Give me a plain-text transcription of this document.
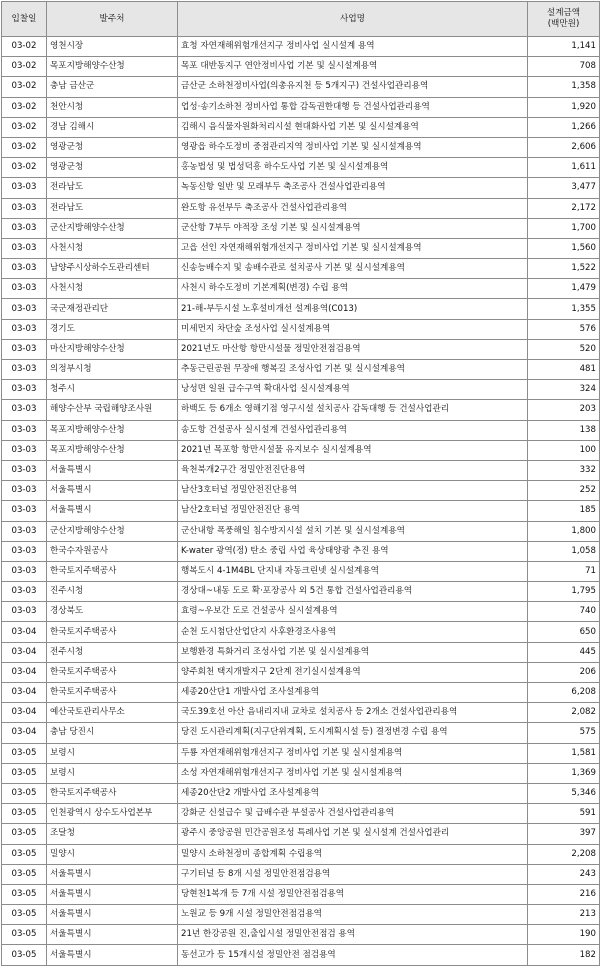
입찰일	발주처	사업명	설계금액
(백만원)
03-02	영천시장	효청 자연재해위험개선지구 정비사업 실시설계 용역	1,141
03-02	목포지방해양수산청	목포 대반동지구 연안정비사업 기본 및 실시설계용역	708
03-02	충남 금산군	금산군 소하천정비사업(의총유지천 등 5개지구) 건설사업관리용역	1,358
03-02	천안시청	업성·송기소하천 정비사업 통합 감독권한대행 등 건설사업관리용역	1,920
03-02	경남 김해시	김해시 음식물자원화처리시설 현대화사업 기본 및 실시설계용역	1,266
03-02	영광군청	영광읍 하수도정비 중점관리지역 정비사업 기본 및 실시설계용역	2,606
03-02	영광군청	홍농법성 및 법성덕흥 하수도사업 기본 및 실시설계용역	1,611
03-03	전라남도	녹동신항 일반 및 모래부두 축조공사 건설사업관리용역	3,477
03-03	전라남도	완도항 유선부두 축조공사 건설사업관리용역	2,172
03-03	군산지방해양수산청	군산항 7부두 야적장 조성 기본 및 실시설계용역	1,700
03-03	사천시청	고읍 선인 자연재해위험개선지구 정비사업 기본 및 실시설계용역	1,560
03-03	남양주시상하수도관리센터	신송능배수지 및 송배수관로 설치공사 기본 및 실시설계용역	1,522
03-03	사천시청	사천시 하수도정비 기본계획(변경) 수립 용역	1,479
03-03	국군재정관리단	21-해-부두시설 노후설비개선 설계용역(C013)	1,355
03-03	경기도	미세먼지 차단숲 조성사업 실시설계용역	576
03-03	마산지방해양수산청	2021년도 마산항 항만시설물 정밀안전점검용역	520
03-03	의정부시청	추동근린공원 무장애 행복길 조성사업 기본 및 실시설계용역	481
03-03	청주시	낭성면 일원 급수구역 확대사업 실시설계용역	324
03-03	해양수산부 국립해양조사원	하백도 등 6개소 영해기점 영구시설 설치공사 감독대행 등 건설사업관리	203
03-03	목포지방해양수산청	송도항 건설공사 실시설계 건설사업관리용역	138
03-03	목포지방해양수산청	2021년 목포항 항만시설물 유지보수 실시설계용역	100
03-03	서울특별시	육천북개2구간 정밀안전진단용역	332
03-03	서울특별시	남산3호터널 정밀안전진단용역	252
03-03	서울특별시	남산2호터널 정밀안전진단 용역	185
03-03	군산지방해양수산청	군산내항 폭풍해일 침수방지시설 설치 기본 및 실시설계용역	1,800
03-03	한국수자원공사	K-water 광역(정) 탄소 중립 사업 육상태양광 추진 용역	1,058
03-03	한국토지주택공사	행복도시 4-1M4BL 단지내 자동크린넷 실시설계용역	71
03-03	진주시청	경상대~내동 도로 확·포장공사 외 5건 통합 건설사업관리용역	1,795
03-03	경상북도	효령~우보간 도로 건설공사 실시설계용역	740
03-04	한국토지주택공사	순천 도시첨단산업단지 사후환경조사용역	650
03-04	전주시청	보행환경 특화거리 조성사업 기본 및 실시설계용역	445
03-04	한국토지주택공사	양주회천 택지개발지구 2단계 전기실시설계용역	206
03-04	한국토지주택공사	세종20산단1 개발사업 조사설계용역	6,208
03-04	예산국토관리사무소	국도39호선 아산 음내리지내 교차로 설치공사 등 2개소 건설사업관리용역	2,082
03-04	충남 당진시	당진 도시관리계획(지구단위계획, 도시계획시설 등) 결정변경 수립 용역	575
03-05	보령시	두룡 자연재해위험개선지구 정비사업 기본 및 실시설계용역	1,581
03-05	보령시	소성 자연재해위험개선지구 정비사업 기본 및 실시설계용역	1,369
03-05	한국토지주택공사	세종20산단2 개발사업 조사설계용역	5,346
03-05	인천광역시 상수도사업본부	강화군 신설급수 및 급배수관 부설공사 건설사업관리용역	591
03-05	조달청	광주시 중앙공원 민간공원조성 특례사업 기본 및 실시설계 건설사업관리	397
03-05	밀양시	밀양시 소하천정비 종합계획 수립용역	2,208
03-05	서울특별시	구기터널 등 8개 시설 정밀안전점검용역	243
03-05	서울특별시	당현천1복개 등 7개 시설 정밀안전점검용역	216
03-05	서울특별시	노원교 등 9개 시설 정밀안전점검용역	213
03-05	서울특별시	21년 한강공원 진,출입시설 정밀안전점검 용역	190
03-05	서울특별시	동선고가 등 15개시설 정밀안전 점검용역	182
